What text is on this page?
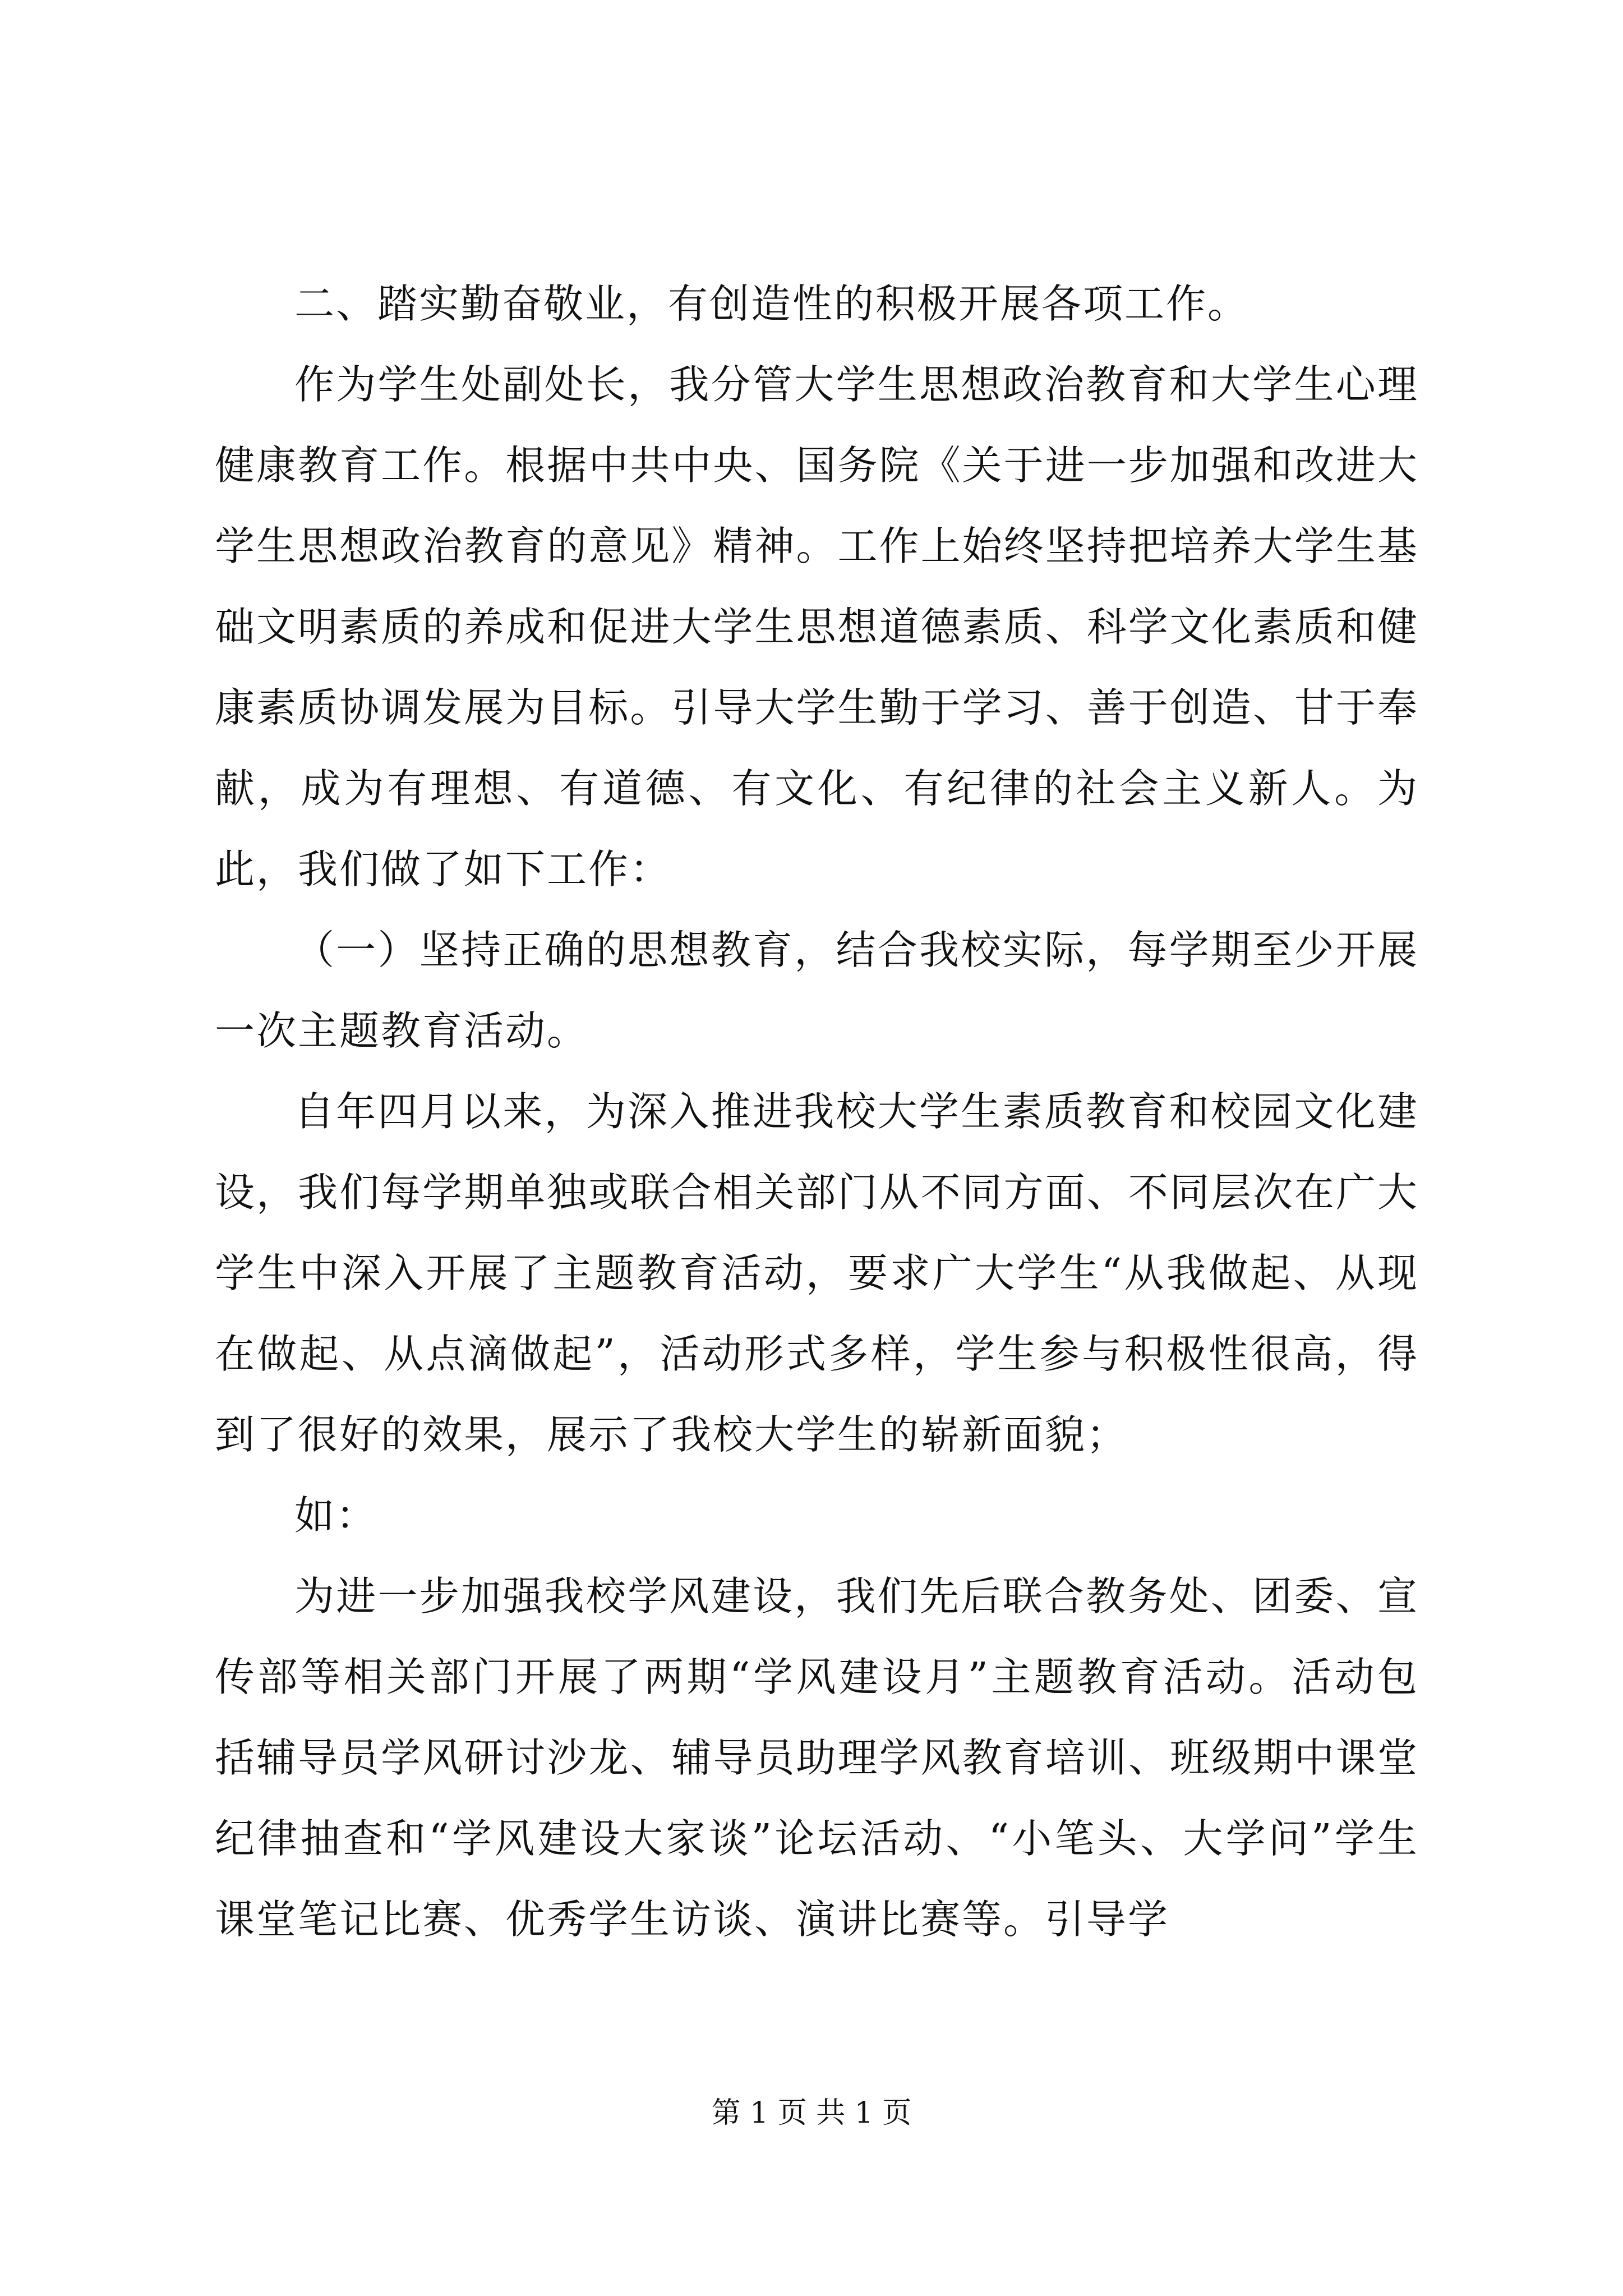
二、踏实勤奋敬业，有创造性的积极开展各项工作。

作为学生处副处长，我分管大学生思想政治教育和大学生心理健康教育工作。根据中共中央、国务院《关于进一步加强和改进大学生思想政治教育的意见》精神。工作上始终坚持把培养大学生基础文明素质的养成和促进大学生思想道德素质、科学文化素质和健康素质协调发展为目标。引导大学生勤于学习、善于创造、甘于奉献，成为有理想、有道德、有文化、有纪律的社会主义新人。为此，我们做了如下工作：

（一）坚持正确的思想教育，结合我校实际，每学期至少开展一次主题教育活动。

自年四月以来，为深入推进我校大学生素质教育和校园文化建设，我们每学期单独或联合相关部门从不同方面、不同层次在广大学生中深入开展了主题教育活动，要求广大学生“从我做起、从现在做起、从点滴做起”，活动形式多样，学生参与积极性很高，得到了很好的效果，展示了我校大学生的崭新面貌；

如：

为进一步加强我校学风建设，我们先后联合教务处、团委、宣传部等相关部门开展了两期“学风建设月”主题教育活动。活动包括辅导员学风研讨沙龙、辅导员助理学风教育培训、班级期中课堂纪律抽查和“学风建设大家谈”论坛活动、“小笔头、大学问”学生课堂笔记比赛、优秀学生访谈、演讲比赛等。引导学

第 1 页 共 1 页
